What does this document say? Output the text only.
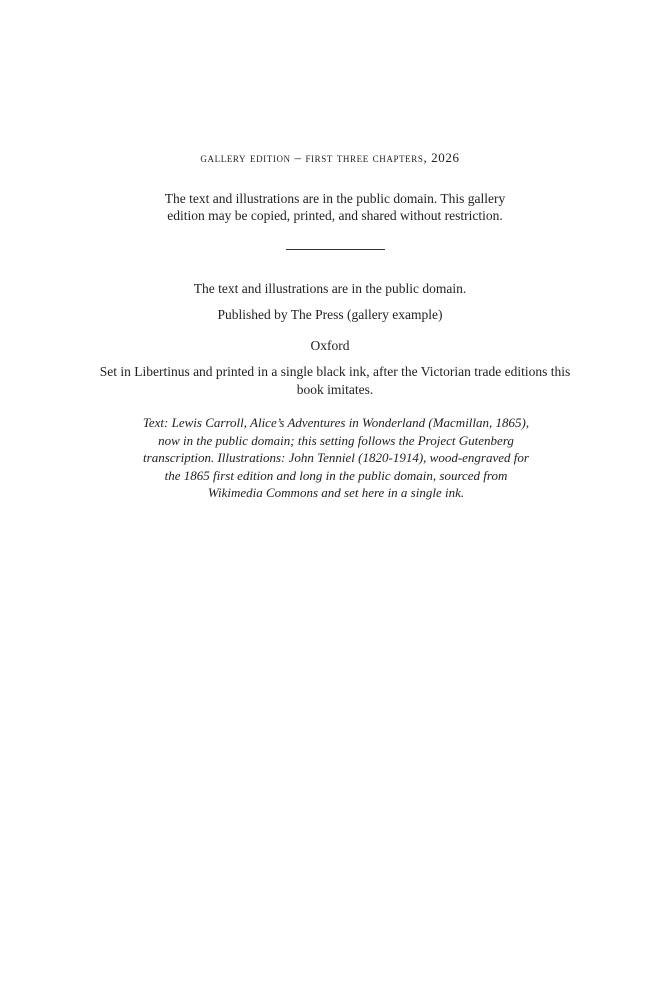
gallery edition – first three chapters, 2026
The text and illustrations are in the public domain. This gallery edition may be copied, printed, and shared without restriction.
The text and illustrations are in the public domain.
Published by The Press (gallery example)
Oxford
Set in Libertinus and printed in a single black ink, after the Victorian trade editions this book imitates.
Text: Lewis Carroll, Alice’s Adventures in Wonderland (Macmillan, 1865), now in the public domain; this setting follows the Project Gutenberg transcription. Illustrations: John Tenniel (1820-1914), wood-engraved for the 1865 first edition and long in the public domain, sourced from Wikimedia Commons and set here in a single ink.
